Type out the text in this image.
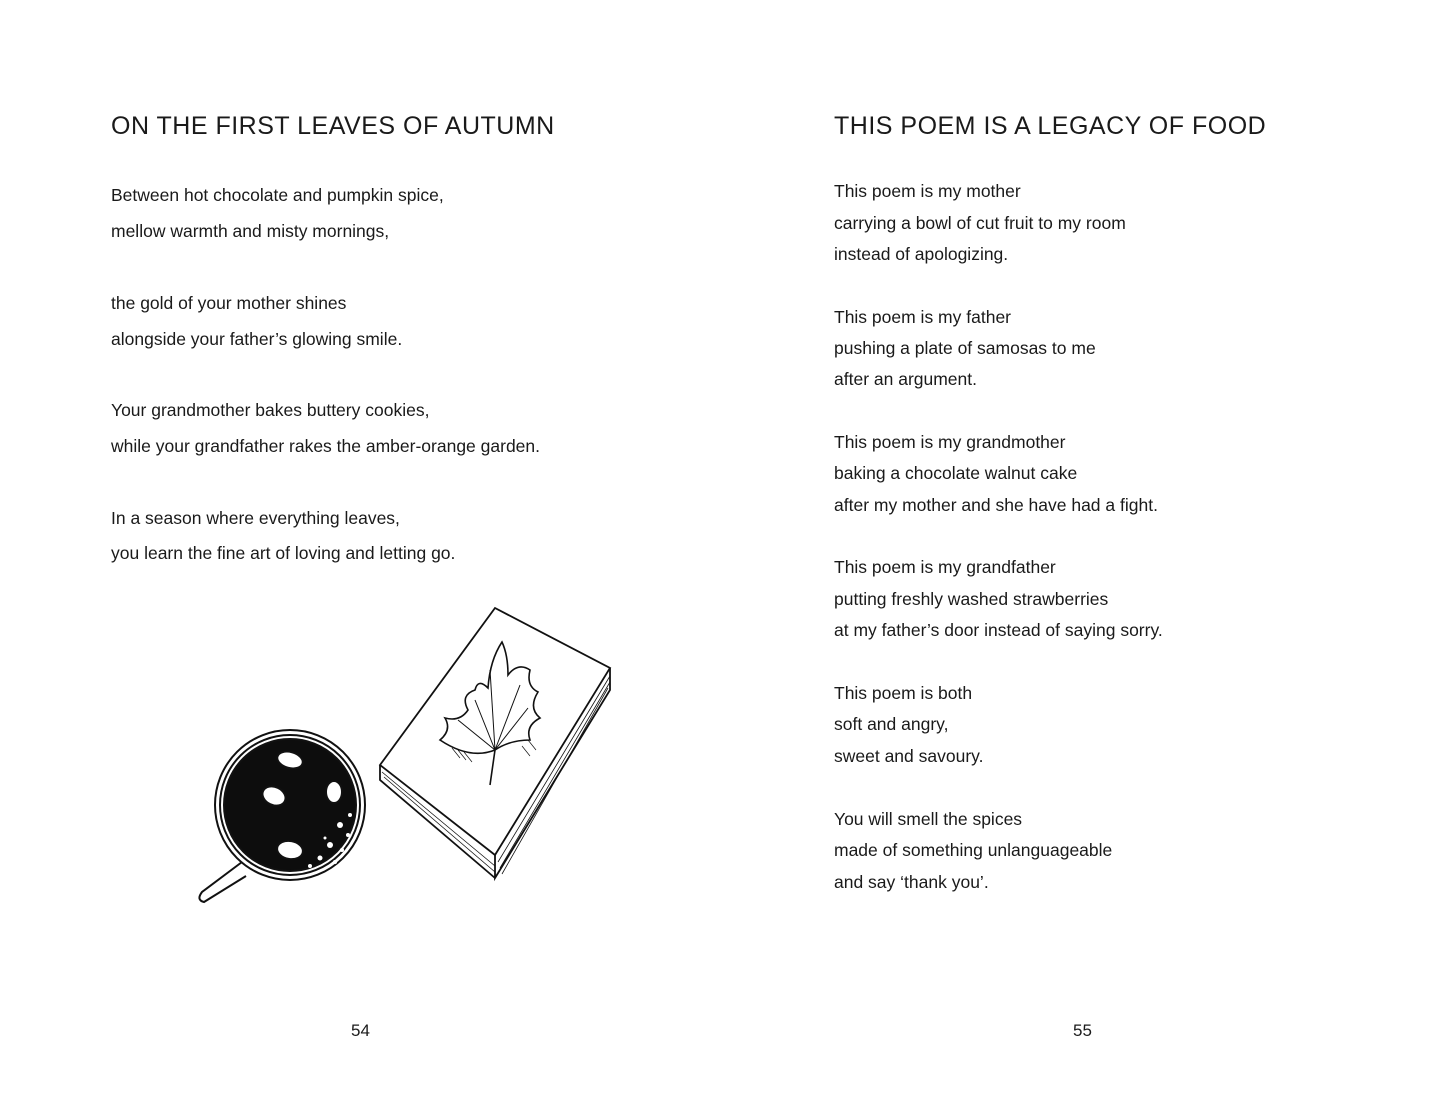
ON THE FIRST LEAVES OF AUTUMN
Between hot chocolate and pumpkin spice,
mellow warmth and misty mornings,
the gold of your mother shines
alongside your father’s glowing smile.
Your grandmother bakes buttery cookies,
while your grandfather rakes the amber-orange garden.
In a season where everything leaves,
you learn the fine art of loving and letting go.
54
THIS POEM IS A LEGACY OF FOOD
This poem is my mother
carrying a bowl of cut fruit to my room
instead of apologizing.
This poem is my father
pushing a plate of samosas to me
after an argument.
This poem is my grandmother
baking a chocolate walnut cake
after my mother and she have had a fight.
This poem is my grandfather
putting freshly washed strawberries
at my father’s door instead of saying sorry.
This poem is both
soft and angry,
sweet and savoury.
You will smell the spices
made of something unlanguageable
and say ‘thank you’.
55
